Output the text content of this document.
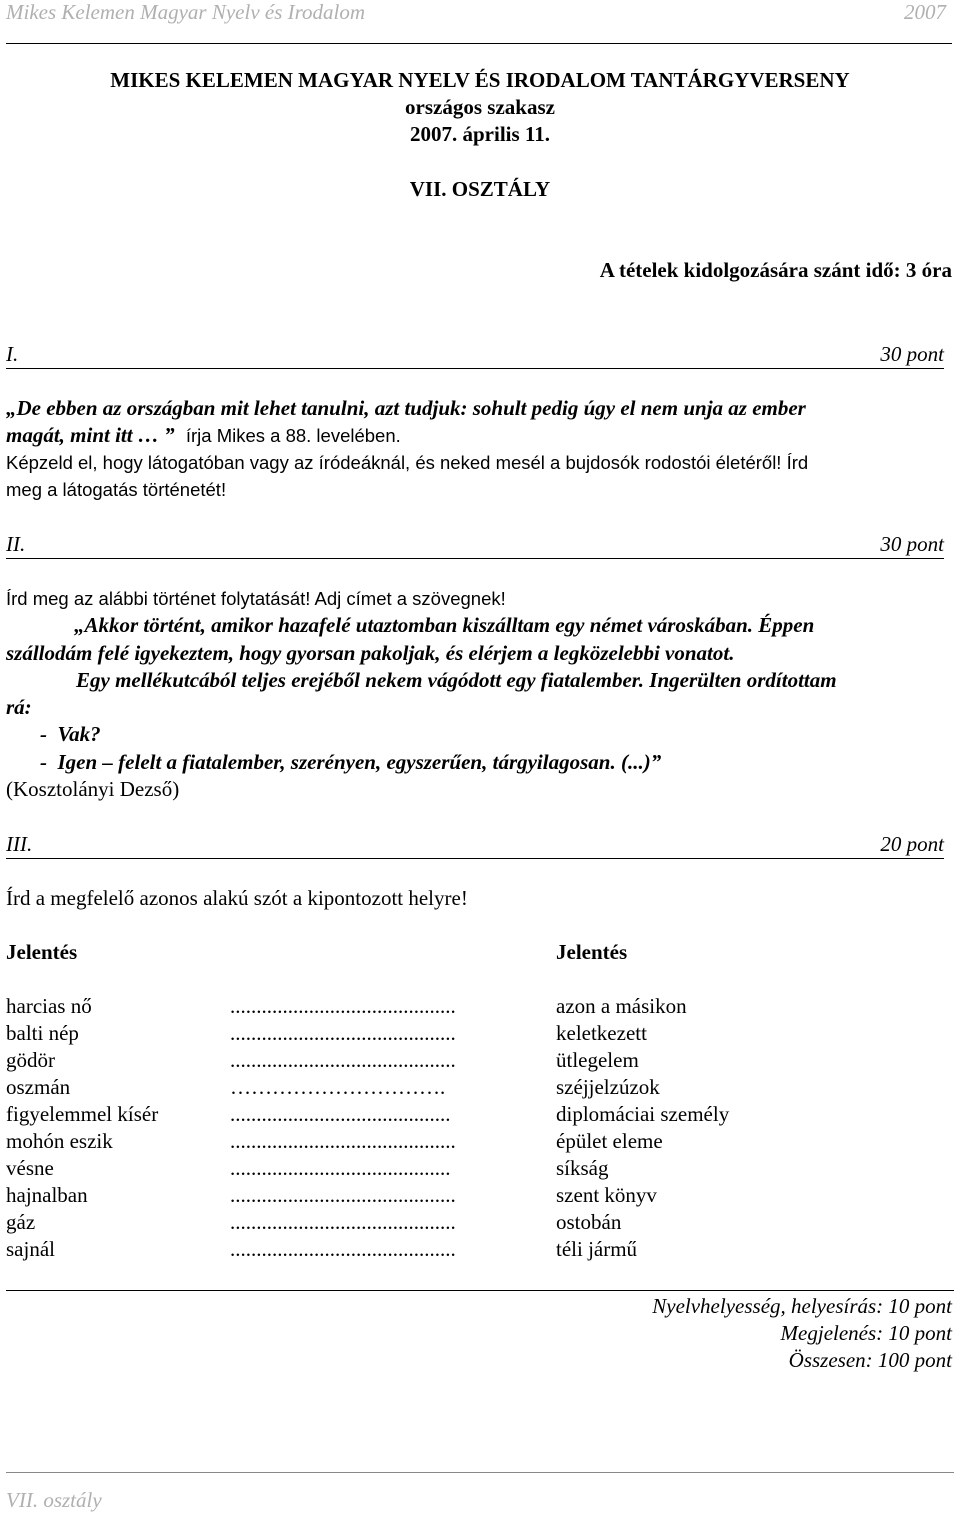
Mikes Kelemen Magyar Nyelv és Irodalom	2007
MIKES KELEMEN MAGYAR NYELV ÉS IRODALOM TANTÁRGYVERSENY
országos szakasz
2007. április 11.
VII. OSZTÁLY
A tételek kidolgozására szánt idő: 3 óra
I.	30 pont
„De ebben az országban mit lehet tanulni, azt tudjuk: sohult pedig úgy el nem unja az ember
magát, mint itt … ” írja Mikes a 88. levelében.
Képzeld el, hogy látogatóban vagy az íródeáknál, és neked mesél a bujdosók rodostói életéről! Írd
meg a látogatás történetét!
II.	30 pont
Írd meg az alábbi történet folytatását! Adj címet a szövegnek!
„Akkor történt, amikor hazafelé utaztomban kiszálltam egy német városkában. Éppen
szállodám felé igyekeztem, hogy gyorsan pakoljak, és elérjem a legközelebbi vonatot.
Egy mellékutcából teljes erejéből nekem vágódott egy fiatalember. Ingerülten ordítottam
rá:
-  Vak?
-  Igen – felelt a fiatalember, szerényen, egyszerűen, tárgyilagosan. (...)”
(Kosztolányi Dezső)
III.	20 pont
Írd a megfelelő azonos alakú szót a kipontozott helyre!
Jelentés	Jelentés
harcias nő	...........................................	azon a másikon
balti nép	...........................................	keletkezett
gödör	...........................................	ütlegelem
oszmán	………………………….	széjjelzúzok
figyelemmel kísér	..........................................	diplomáciai személy
mohón eszik	...........................................	épület eleme
vésne	..........................................	síkság
hajnalban	...........................................	szent könyv
gáz	...........................................	ostobán
sajnál	...........................................	téli jármű
Nyelvhelyesség, helyesírás: 10 pont
Megjelenés: 10 pont
Összesen: 100 pont
VII. osztály
